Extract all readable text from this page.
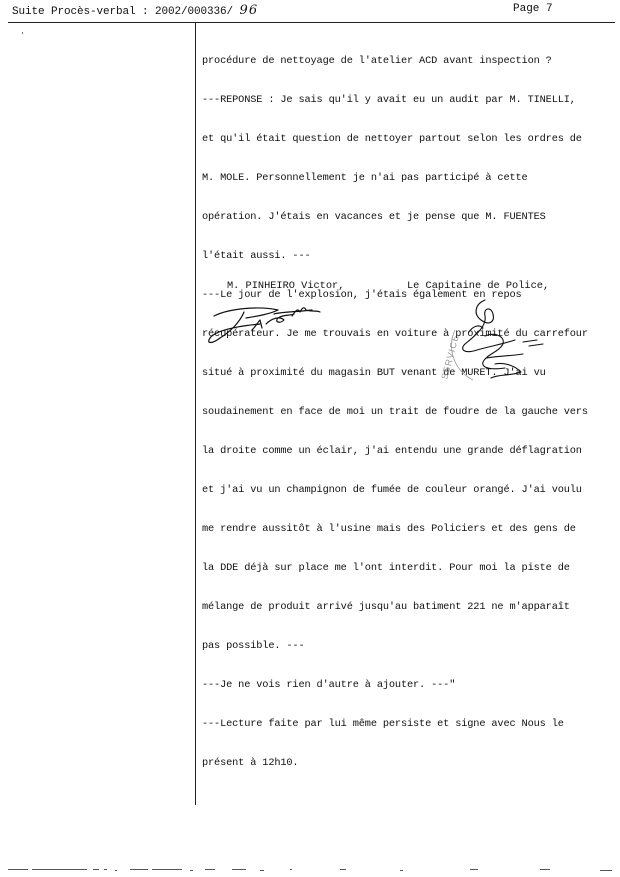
Suite Procès-verbal : 2002/000336/ 96	Page 7

procédure de nettoyage de l'atelier ACD avant inspection ?

---REPONSE : Je sais qu'il y avait eu un audit par M. TINELLI,

et qu'il était question de nettoyer partout selon les ordres de

M. MOLE. Personnellement je n'ai pas participé à cette

opération. J'étais en vacances et je pense que M. FUENTES

l'était aussi. ---

---Le jour de l'explosion, j'étais également en repos

récupérateur. Je me trouvais en voiture à proximité du carrefour

situé à proximité du magasin BUT venant de MURET. J'ai vu

soudainement en face de moi un trait de foudre de la gauche vers

la droite comme un éclair, j'ai entendu une grande déflagration

et j'ai vu un champignon de fumée de couleur orangé. J'ai voulu

me rendre aussitôt à l'usine mais des Policiers et des gens de

la DDE déjà sur place me l'ont interdit. Pour moi la piste de

mélange de produit arrivé jusqu'au batiment 221 ne m'apparaît

pas possible. ---

---Je ne vois rien d'autre à ajouter. ---"

---Lecture faite par lui même persiste et signe avec Nous le

présent à 12h10.

M. PINHEIRO Victor,	Le Capitaine de Police,
SERVICE
